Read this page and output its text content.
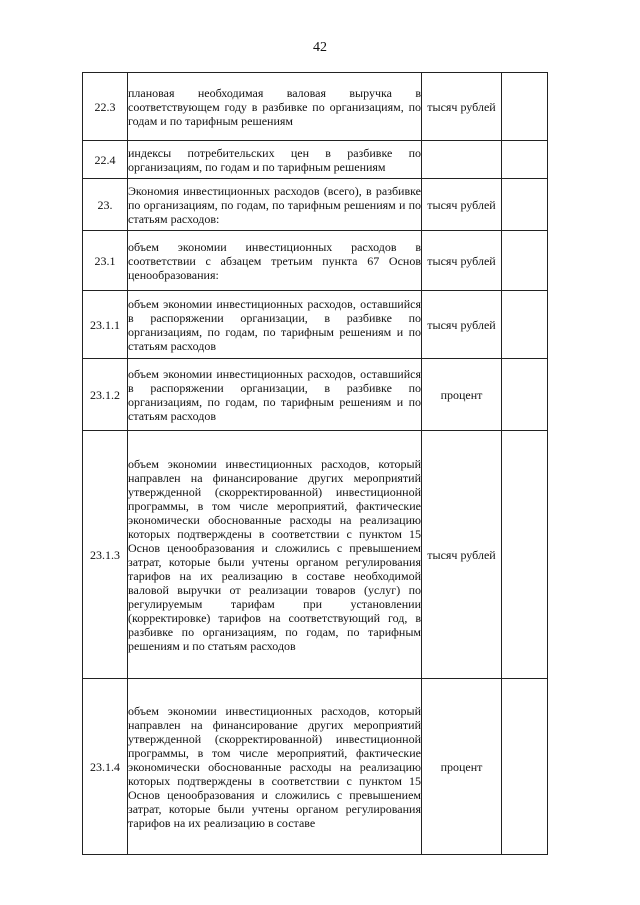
42
22.3	плановая необходимая валовая выручка в соответствующем году в разбивке по организациям, по годам и по тарифным решениям	тысяч рублей	
22.4	индексы потребительских цен в разбивке по организациям, по годам и по тарифным решениям		
23.	Экономия инвестиционных расходов (всего), в разбивке по организациям, по годам, по тарифным решениям и по статьям расходов:	тысяч рублей	
23.1	объем экономии инвестиционных расходов в соответствии с абзацем третьим пункта 67 Основ ценообразования:	тысяч рублей	
23.1.1	объем экономии инвестиционных расходов, оставшийся в распоряжении организации, в разбивке по организациям, по годам, по тарифным решениям и по статьям расходов	тысяч рублей	
23.1.2	объем экономии инвестиционных расходов, оставшийся в распоряжении организации, в разбивке по организациям, по годам, по тарифным решениям и по статьям расходов	процент	
23.1.3	объем экономии инвестиционных расходов, который направлен на финансирование других мероприятий утвержденной (скорректированной) инвестиционной программы, в том числе мероприятий, фактические экономически обоснованные расходы на реализацию которых подтверждены в соответствии с пунктом 15 Основ ценообразования и сложились с превышением затрат, которые были учтены органом регулирования тарифов на их реализацию в составе необходимой валовой выручки от реализации товаров (услуг) по регулируемым тарифам при установлении (корректировке) тарифов на соответствующий год, в разбивке по организациям, по годам, по тарифным решениям и по статьям расходов	тысяч рублей	
23.1.4	объем экономии инвестиционных расходов, который направлен на финансирование других мероприятий утвержденной (скорректированной) инвестиционной программы, в том числе мероприятий, фактические экономически обоснованные расходы на реализацию которых подтверждены в соответствии с пунктом 15 Основ ценообразования и сложились с превышением затрат, которые были учтены органом регулирования тарифов на их реализацию в составе	процент	
